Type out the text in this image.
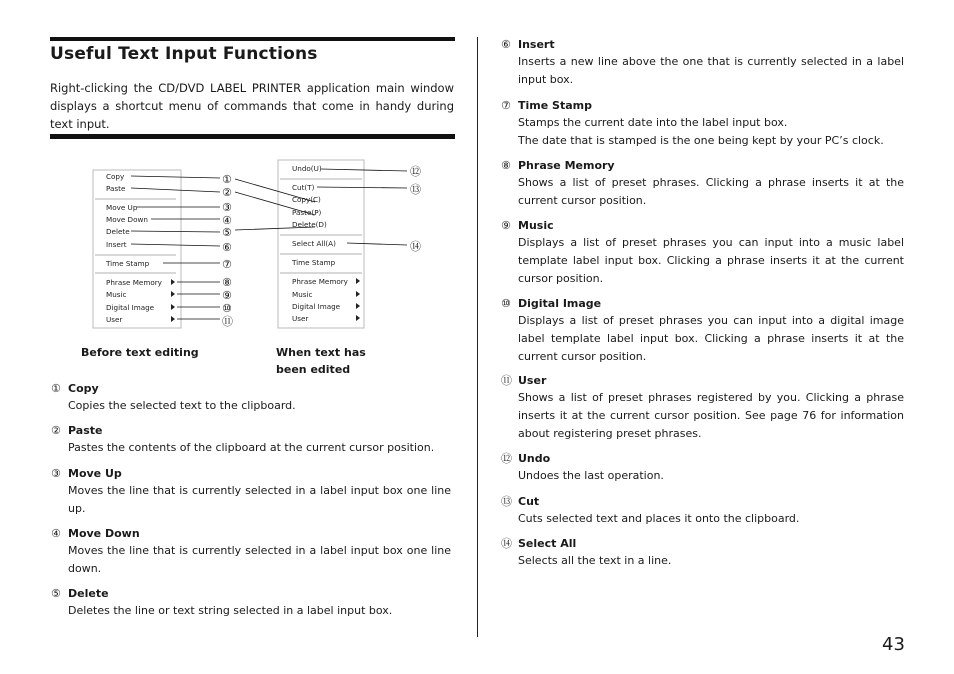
Useful Text Input Functions
Right-clicking the CD/DVD LABEL PRINTER application main window displays a shortcut menu of commands that come in handy during text input.
Copy
Paste
Move Up
Move Down
Delete
Insert
Time Stamp
Phrase Memory
Music
Digital Image
User
Undo(U)
Cut(T)
Copy(C)
Paste(P)
Delete(D)
Select All(A)
Time Stamp
Phrase Memory
Music
Digital Image
User
①
②
③
④
⑤
⑥
⑦
⑧
⑨
⑩
⑪
⑫
⑬
⑭
Before text editing	When text has
been edited
① Copy
Copies the selected text to the clipboard.
② Paste
Pastes the contents of the clipboard at the current cursor position.
③ Move Up
Moves the line that is currently selected in a label input box one line up.
④ Move Down
Moves the line that is currently selected in a label input box one line down.
⑤ Delete
Deletes the line or text string selected in a label input box.
⑥ Insert
Inserts a new line above the one that is currently selected in a label input box.
⑦ Time Stamp
Stamps the current date into the label input box.
The date that is stamped is the one being kept by your PC’s clock.
⑧ Phrase Memory
Shows a list of preset phrases. Clicking a phrase inserts it at the current cursor position.
⑨ Music
Displays a list of preset phrases you can input into a music label template label input box. Clicking a phrase inserts it at the current cursor position.
⑩ Digital Image
Displays a list of preset phrases you can input into a digital image label template label input box. Clicking a phrase inserts it at the current cursor position.
⑪ User
Shows a list of preset phrases registered by you. Clicking a phrase inserts it at the current cursor position. See page 76 for information about registering preset phrases.
⑫ Undo
Undoes the last operation.
⑬ Cut
Cuts selected text and places it onto the clipboard.
⑭ Select All
Selects all the text in a line.
43
